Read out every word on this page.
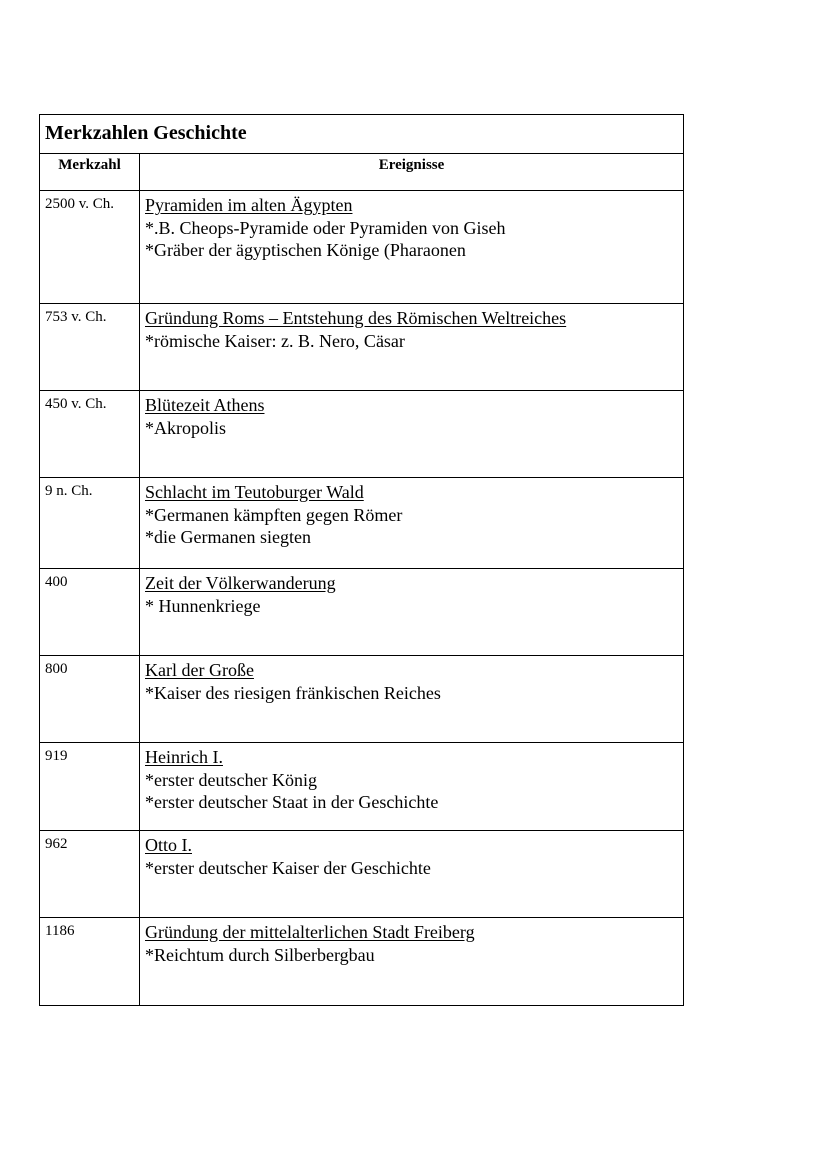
Merkzahlen Geschichte
Merkzahl	Ereignisse
2500 v. Ch.	Pyramiden im alten Ägypten
*.B. Cheops-Pyramide oder Pyramiden von Giseh
*Gräber der ägyptischen Könige (Pharaonen
753 v. Ch.	Gründung Roms – Entstehung des Römischen Weltreiches
*römische Kaiser: z. B. Nero, Cäsar
450 v. Ch.	Blütezeit Athens
*Akropolis
9 n. Ch.	Schlacht im Teutoburger Wald
*Germanen kämpften gegen Römer
*die Germanen siegten
400	Zeit der Völkerwanderung
* Hunnenkriege
800	Karl der Große
*Kaiser des riesigen fränkischen Reiches
919	Heinrich I.
*erster deutscher König
*erster deutscher Staat in der Geschichte
962	Otto I.
*erster deutscher Kaiser der Geschichte
1186	Gründung der mittelalterlichen Stadt Freiberg
*Reichtum durch Silberbergbau
